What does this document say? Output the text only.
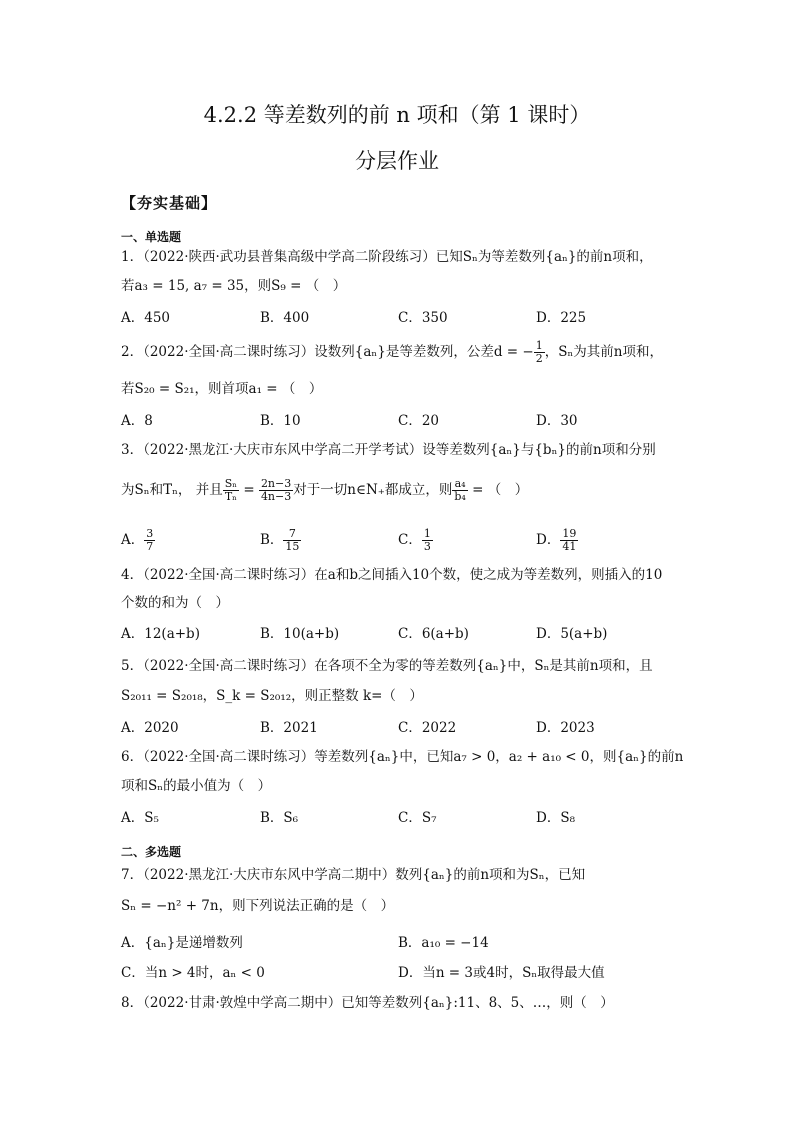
4.2.2 等差数列的前 n 项和（第 1 课时）
分层作业
【夯实基础】
一、单选题
1．（2022·陕西·武功县普集高级中学高二阶段练习）已知Sₙ为等差数列{aₙ}的前n项和，
若a₃ = 15, a₇ = 35，则S₉ = （　）
A．450	B．400	C．350	D．225
2．（2022·全国·高二课时练习）设数列{aₙ}是等差数列，公差d = − $\frac{1}{2}$ ，Sₙ为其前n项和，
若S₂₀ = S₂₁，则首项a₁ = （　）
A．8	B．10	C．20	D．30
3．（2022·黑龙江·大庆市东风中学高二开学考试）设等差数列{aₙ}与{bₙ}的前n项和分别
为Sₙ和Tₙ， 并且 $\frac{\text{Sₙ}}{\text{Tₙ}} = \frac{2n-3}{4n-3}$ 对于一切n∈N₊都成立，则 $\frac{\text{a₄}}{\text{b₄}}$ = （　）
A． $\frac{3}{7}$	B． $\frac{7}{15}$	C． $\frac{1}{3}$	D． $\frac{19}{41}$
4．（2022·全国·高二课时练习）在a和b之间插入10个数，使之成为等差数列，则插入的10
个数的和为（　）
A．12(a+b)	B．10(a+b)	C．6(a+b)	D．5(a+b)
5．（2022·全国·高二课时练习）在各项不全为零的等差数列{aₙ}中，Sₙ是其前n项和，且
S₂₀₁₁ = S₂₀₁₈，S_k = S₂₀₁₂，则正整数 k=（　）
A．2020	B．2021	C．2022	D．2023
6．（2022·全国·高二课时练习）等差数列{aₙ}中，已知a₇ > 0，a₂ + a₁₀ < 0，则{aₙ}的前n
项和Sₙ的最小值为（　）
A．S₅	B．S₆	C．S₇	D．S₈
二、多选题
7．（2022·黑龙江·大庆市东风中学高二期中）数列{aₙ}的前n项和为Sₙ，已知
Sₙ = −n² + 7n，则下列说法正确的是（　）
A．{aₙ}是递增数列	B．a₁₀ = −14
C．当n > 4时，aₙ < 0	D．当n = 3或4时，Sₙ取得最大值
8．（2022·甘肃·敦煌中学高二期中）已知等差数列{aₙ}:11、8、5、…，则（　）
